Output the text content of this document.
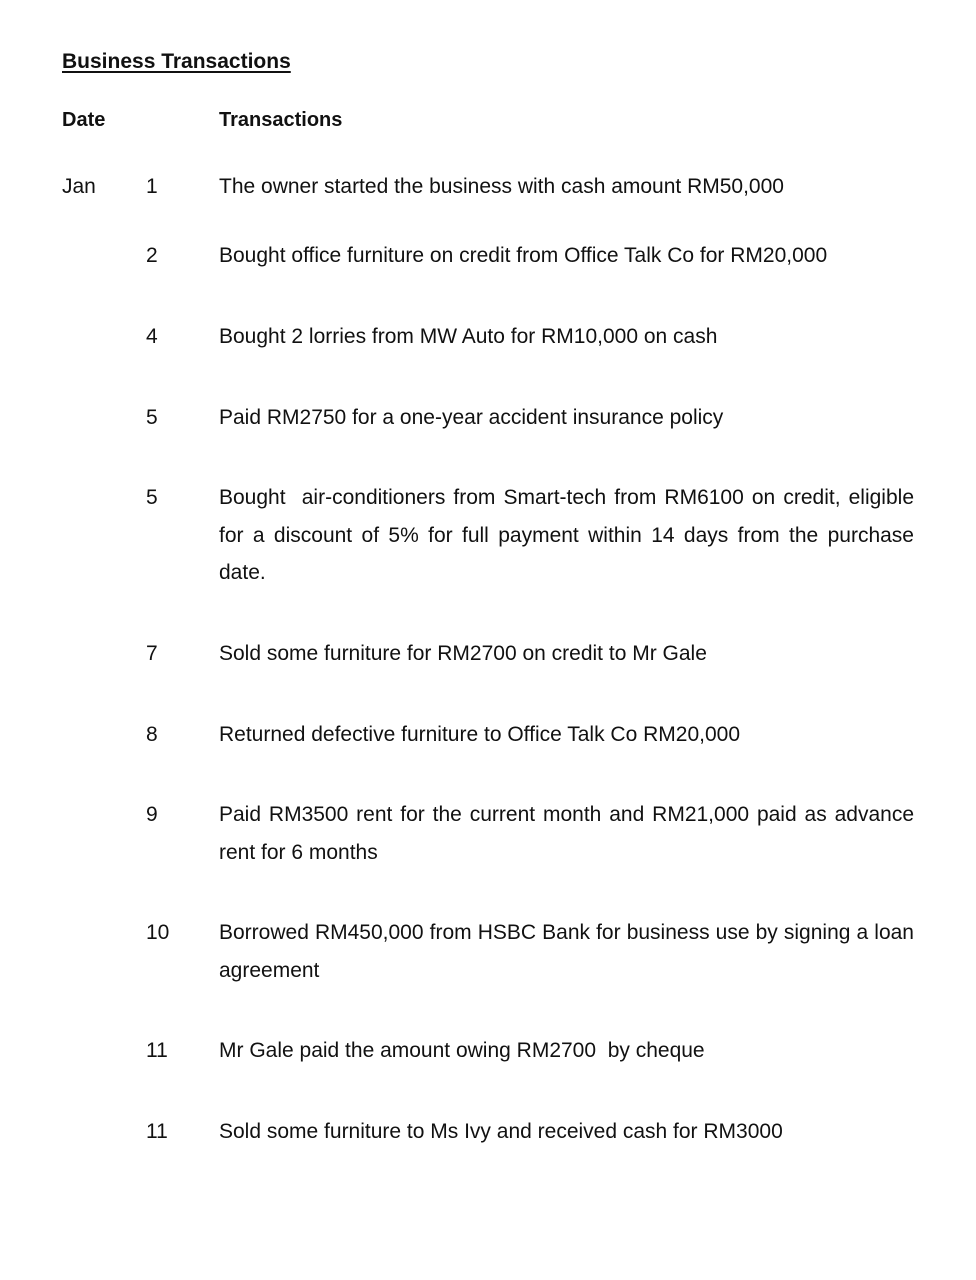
Business Transactions
Date	Transactions
Jan 1	The owner started the business with cash amount RM50,000
2	Bought office furniture on credit from Office Talk Co for RM20,000
4	Bought 2 lorries from MW Auto for RM10,000 on cash
5	Paid RM2750 for a one-year accident insurance policy
5	Bought  air-conditioners from Smart-tech from RM6100 on credit, eligible for a discount of 5% for full payment within 14 days from the purchase date.
7	Sold some furniture for RM2700 on credit to Mr Gale
8	Returned defective furniture to Office Talk Co RM20,000
9	Paid RM3500 rent for the current month and RM21,000 paid as advance rent for 6 months
10 Borrowed RM450,000 from HSBC Bank for business use by signing a loan agreement
11 Mr Gale paid the amount owing RM2700  by cheque
11 Sold some furniture to Ms Ivy and received cash for RM3000
